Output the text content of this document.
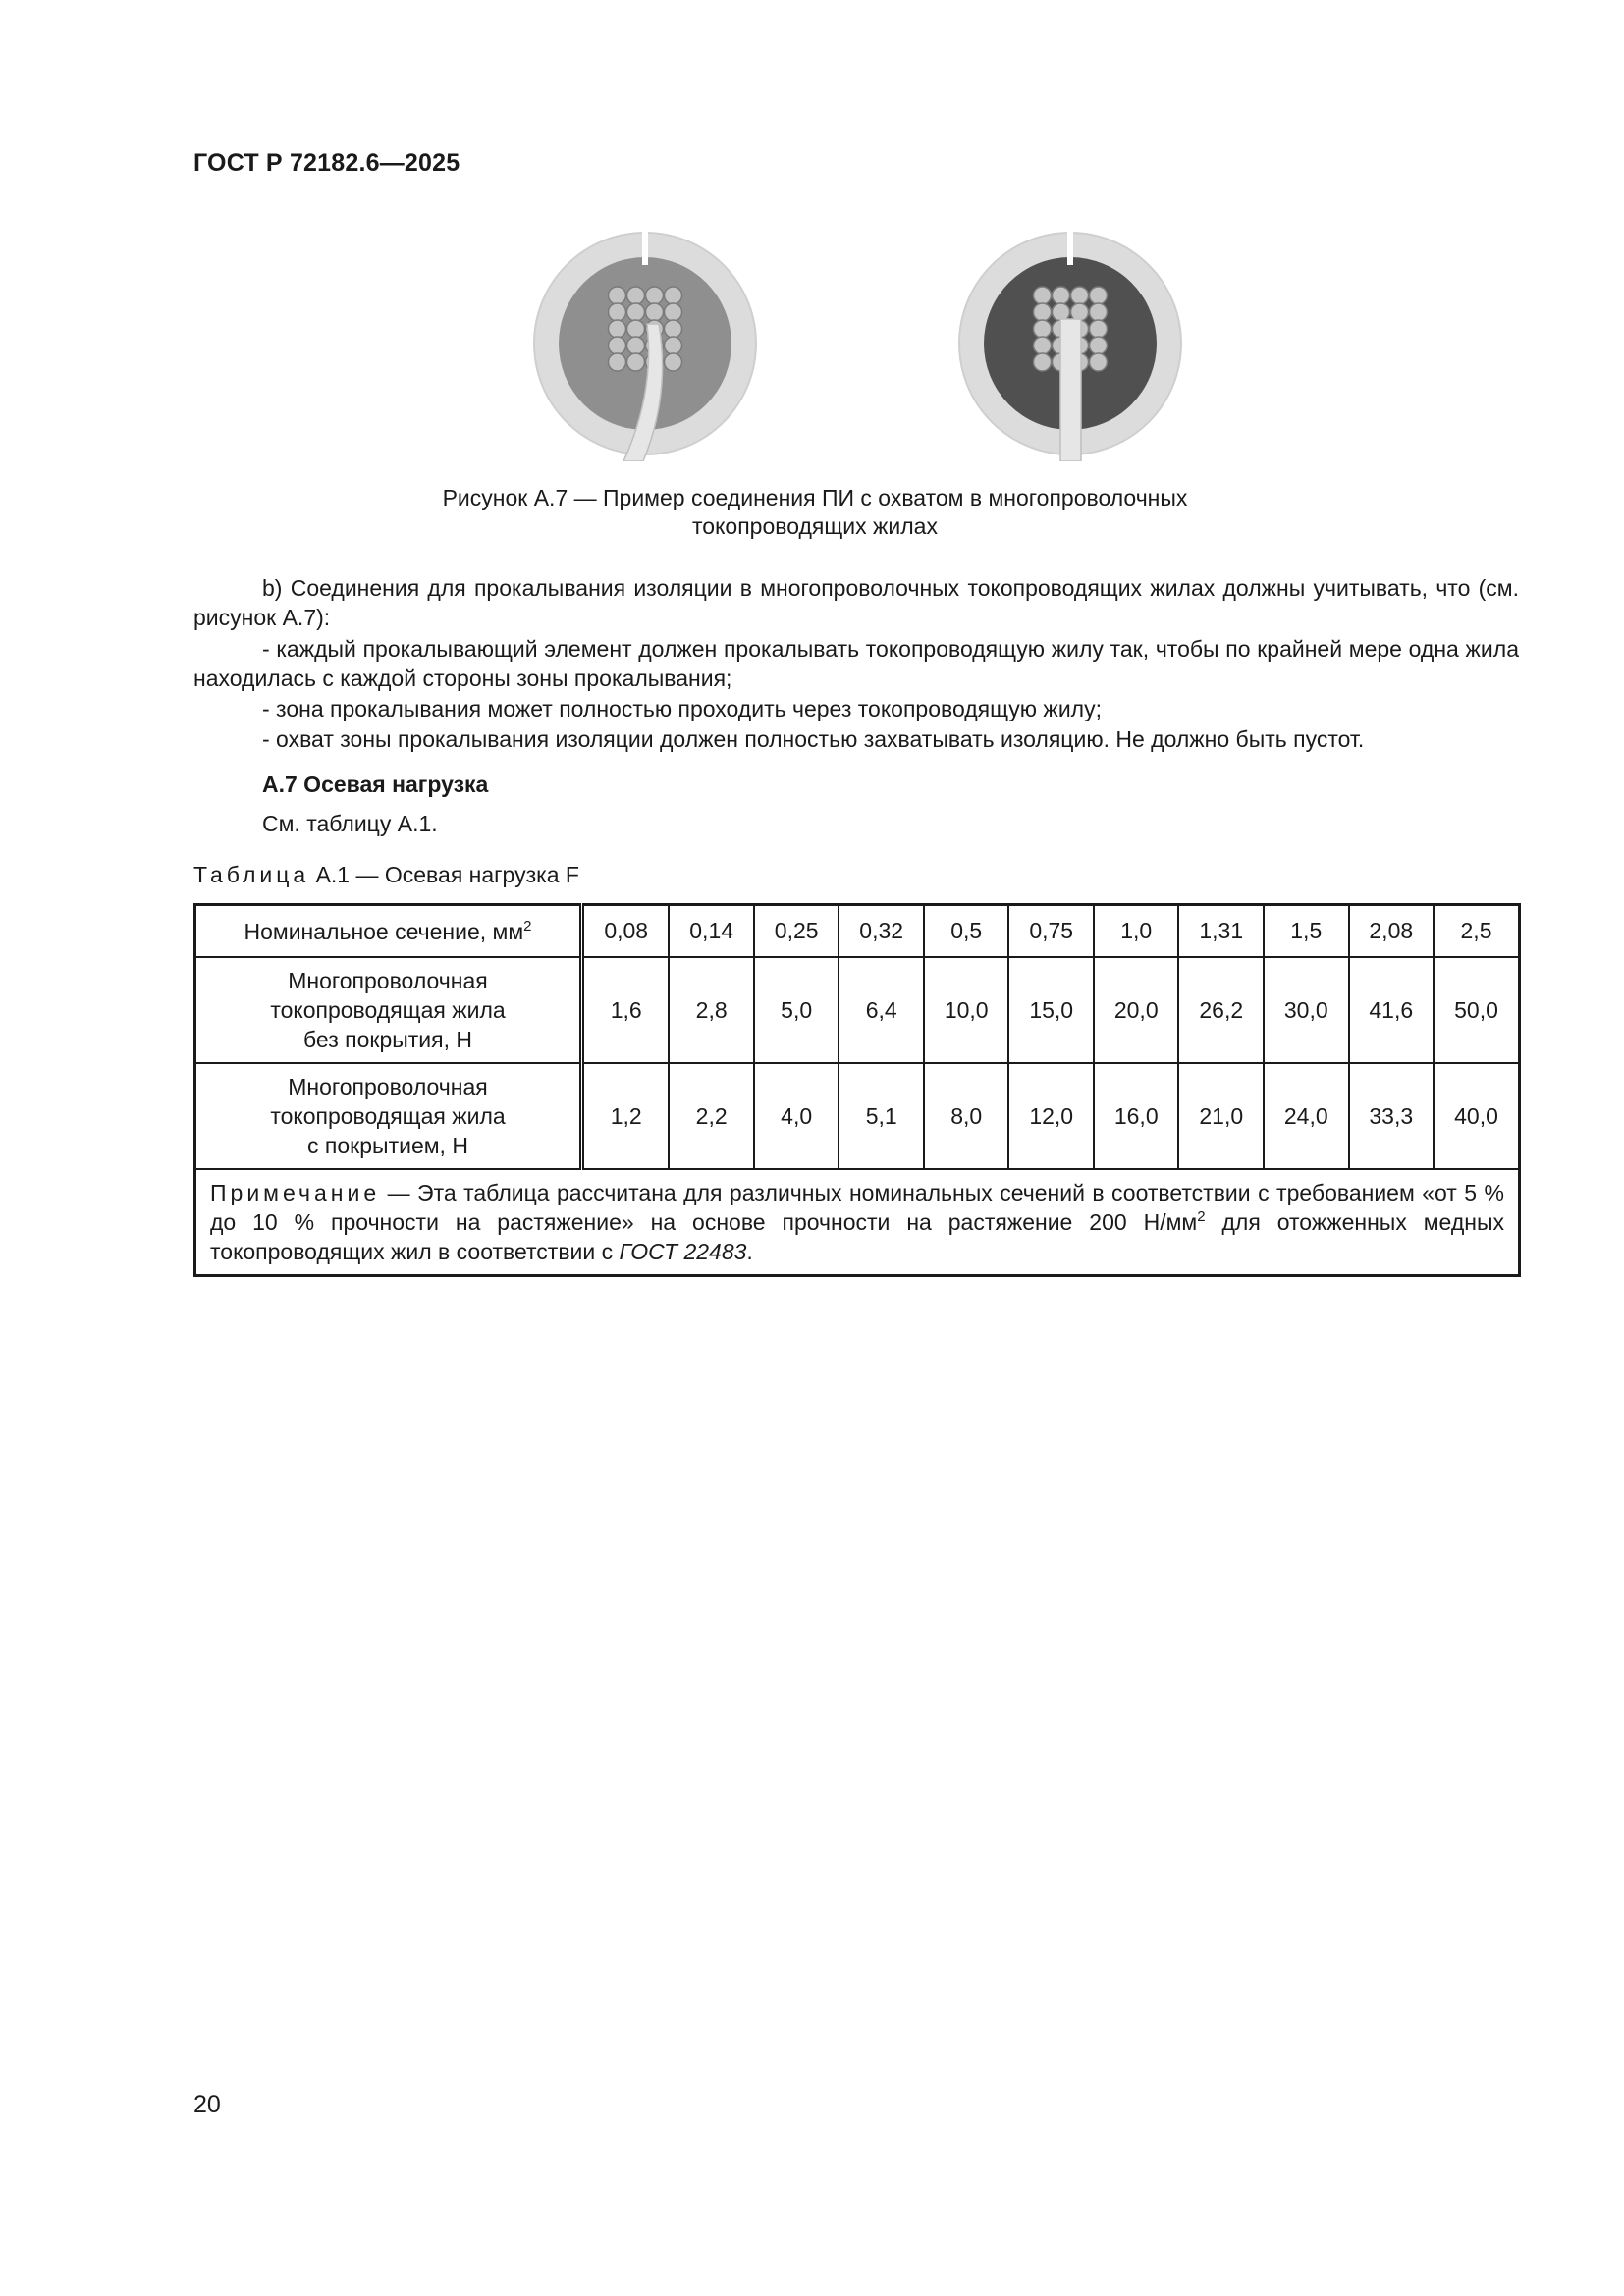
ГОСТ Р 72182.6—2025
Рисунок А.7 — Пример соединения ПИ с охватом в многопроволочных
токопроводящих жилах
b) Соединения для прокалывания изоляции в многопроволочных токопроводящих жилах должны учитывать, что (см. рисунок А.7):
- каждый прокалывающий элемент должен прокалывать токопроводящую жилу так, чтобы по крайней мере одна жила находилась с каждой стороны зоны прокалывания;
- зона прокалывания может полностью проходить через токопроводящую жилу;
- охват зоны прокалывания изоляции должен полностью захватывать изоляцию. Не должно быть пустот.
А.7 Осевая нагрузка
См. таблицу А.1.
Таблица А.1 — Осевая нагрузка F
Номинальное сечение, $мм^2$	0,08	0,14	0,25	0,32	0,5	0,75	1,0	1,31	1,5	2,08	2,5

Многопроволочная
токопроводящая жила
без покрытия, Н	1,6	2,8	5,0	6,4	10,0	15,0	20,0	26,2	30,0	41,6	50,0

Многопроволочная
токопроводящая жила
с покрытием, Н	1,2	2,2	4,0	5,1	8,0	12,0	16,0	21,0	24,0	33,3	40,0
Примечание — Эта таблица рассчитана для различных номинальных сечений в соответствии с требованием «от 5 % до 10 % прочности на растяжение» на основе прочности на растяжение 200 $Н/мм^2$ для отожженных медных токопроводящих жил в соответствии с ГОСТ 22483.											
20
